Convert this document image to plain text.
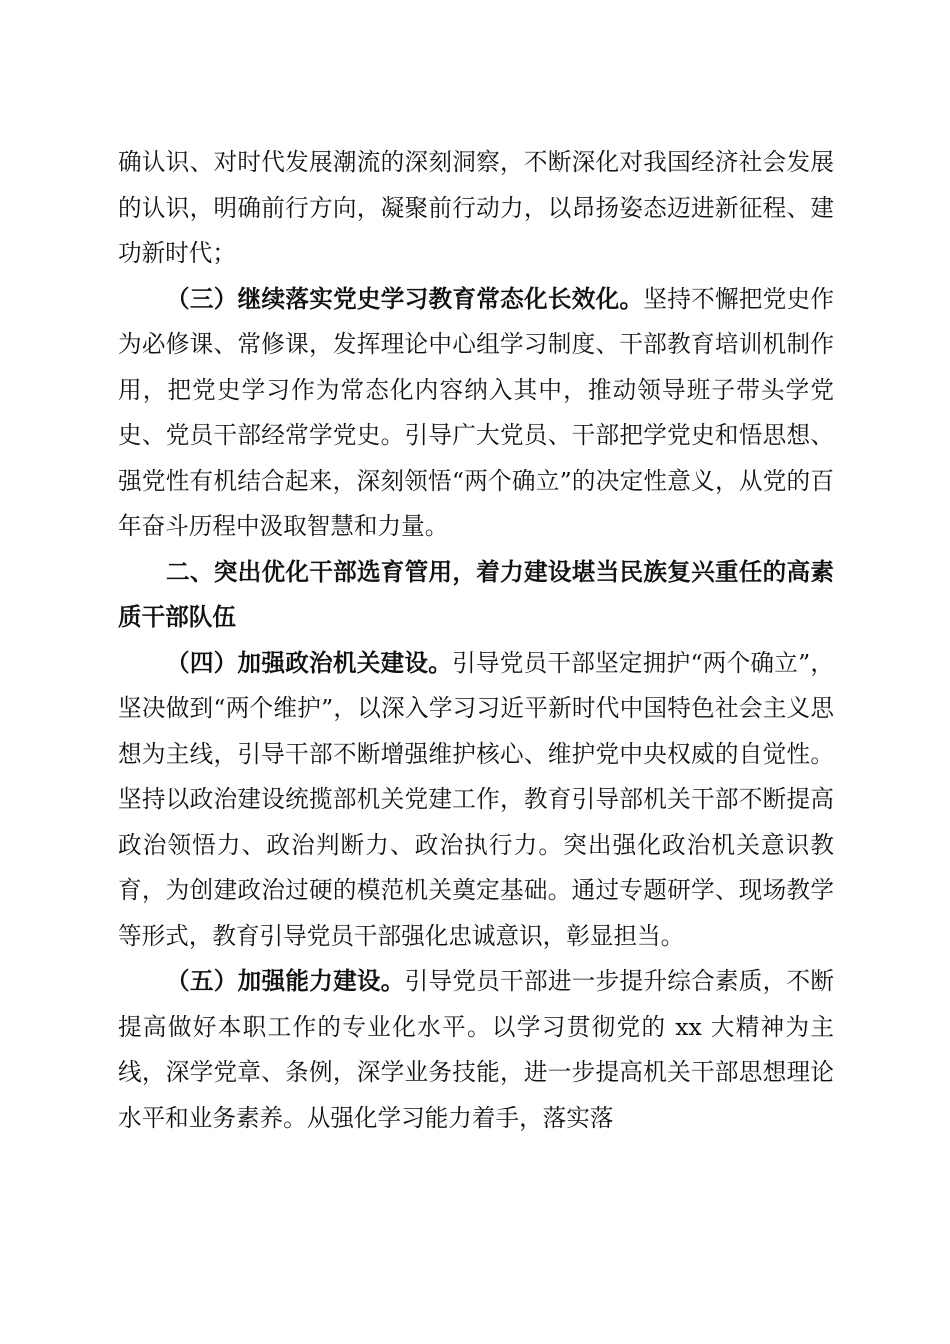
确认识、对时代发展潮流的深刻洞察，不断深化对我国经济社会发展的认识，明确前行方向，凝聚前行动力，以昂扬姿态迈进新征程、建功新时代；

（三）继续落实党史学习教育常态化长效化。坚持不懈把党史作为必修课、常修课，发挥理论中心组学习制度、干部教育培训机制作用，把党史学习作为常态化内容纳入其中，推动领导班子带头学党史、党员干部经常学党史。引导广大党员、干部把学党史和悟思想、强党性有机结合起来，深刻领悟“两个确立”的决定性意义，从党的百年奋斗历程中汲取智慧和力量。

二、突出优化干部选育管用，着力建设堪当民族复兴重任的高素质干部队伍

（四）加强政治机关建设。引导党员干部坚定拥护“两个确立”，坚决做到“两个维护”，以深入学习习近平新时代中国特色社会主义思想为主线，引导干部不断增强维护核心、维护党中央权威的自觉性。坚持以政治建设统揽部机关党建工作，教育引导部机关干部不断提高政治领悟力、政治判断力、政治执行力。突出强化政治机关意识教育，为创建政治过硬的模范机关奠定基础。通过专题研学、现场教学等形式，教育引导党员干部强化忠诚意识，彰显担当。

（五）加强能力建设。引导党员干部进一步提升综合素质，不断提高做好本职工作的专业化水平。以学习贯彻党的 xx 大精神为主线，深学党章、条例，深学业务技能，进一步提高机关干部思想理论水平和业务素养。从强化学习能力着手，落实落
